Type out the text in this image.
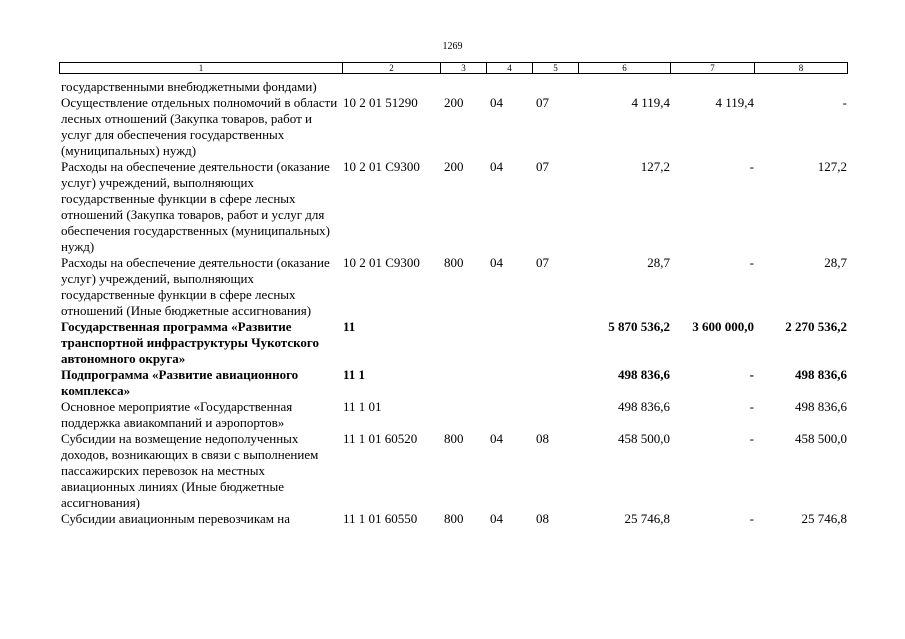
1269
1	2	3	4	5	6	7	8
государственными внебюджетными фондами)							
Осуществление отдельных полномочий в области лесных отношений (Закупка товаров, работ и услуг для обеспечения государственных (муниципальных) нужд)	10 2 01 51290	200	04	07	4 119,4	4 119,4	-
Расходы на обеспечение деятельности (оказание услуг) учреждений, выполняющих государственные функции в сфере лесных отношений (Закупка товаров, работ и услуг для обеспечения государственных (муниципальных) нужд)	10 2 01 С9300	200	04	07	127,2	-	127,2
Расходы на обеспечение деятельности (оказание услуг) учреждений, выполняющих государственные функции в сфере лесных отношений (Иные бюджетные ассигнования)	10 2 01 С9300	800	04	07	28,7	-	28,7
Государственная программа «Развитие транспортной инфраструктуры Чукотского автономного округа»	11				5 870 536,2	3 600 000,0	2 270 536,2
Подпрограмма «Развитие авиационного комплекса»	11 1				498 836,6	-	498 836,6
Основное мероприятие «Государственная поддержка авиакомпаний и аэропортов»	11 1 01				498 836,6	-	498 836,6
Субсидии на возмещение недополученных доходов, возникающих в связи с выполнением пассажирских перевозок на местных авиационных линиях (Иные бюджетные ассигнования)	11 1 01 60520	800	04	08	458 500,0	-	458 500,0
Субсидии авиационным перевозчикам на	11 1 01 60550	800	04	08	25 746,8	-	25 746,8
